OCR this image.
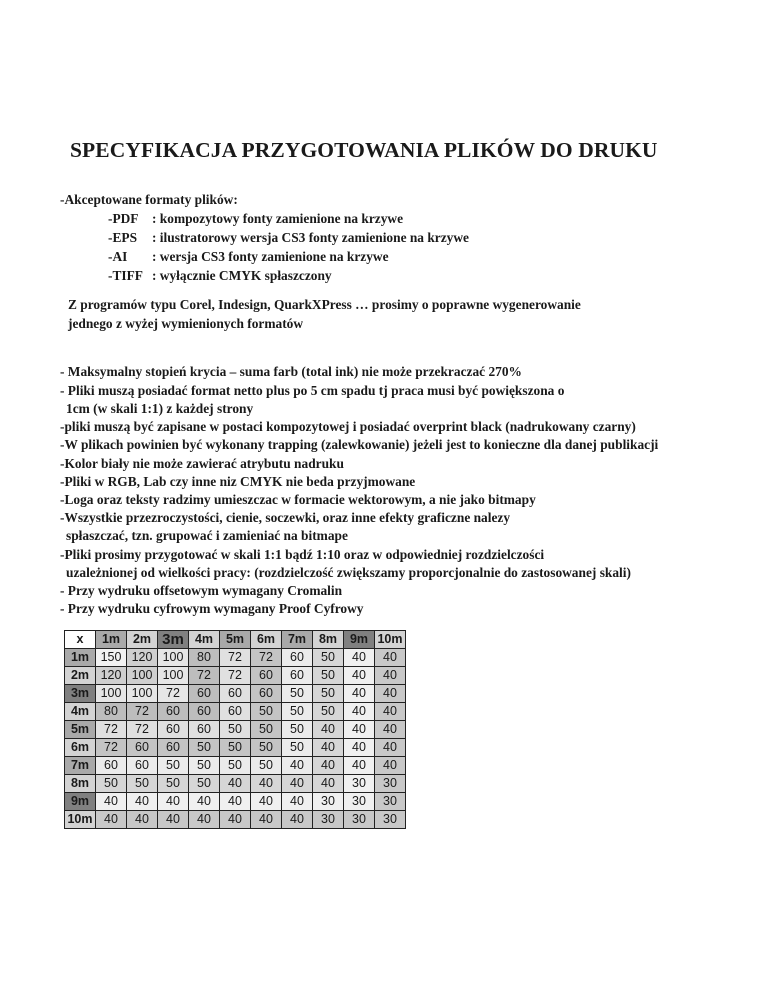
SPECYFIKACJA PRZYGOTOWANIA PLIKÓW DO DRUKU
-Akceptowane formaty plików:
-PDF : kompozytowy fonty zamienione na krzywe
-EPS : ilustratorowy wersja CS3 fonty zamienione na krzywe
-AI : wersja CS3 fonty zamienione na krzywe
-TIFF : wyłącznie CMYK spłaszczony
Z programów typu Corel, Indesign, QuarkXPress … prosimy o poprawne wygenerowanie
jednego z wyżej wymienionych formatów
- Maksymalny stopień krycia – suma farb (total ink) nie może przekraczać 270%
- Pliki muszą posiadać format netto plus po 5 cm spadu tj praca musi być powiększona o
1cm (w skali 1:1) z każdej strony
-pliki muszą być zapisane w postaci kompozytowej i posiadać overprint black (nadrukowany czarny)
-W plikach powinien być wykonany trapping (zalewkowanie) jeżeli jest to konieczne dla danej publikacji
-Kolor biały nie może zawierać atrybutu nadruku
-Pliki w RGB, Lab czy inne niz CMYK nie beda przyjmowane
-Loga oraz teksty radzimy umieszczac w formacie wektorowym, a nie jako bitmapy
-Wszystkie przezroczystości, cienie, soczewki, oraz inne efekty graficzne nalezy
spłaszczać, tzn. grupować i zamieniać na bitmape
-Pliki prosimy przygotować w skali 1:1 bądź 1:10 oraz w odpowiedniej rozdzielczości
uzależnionej od wielkości pracy: (rozdzielczość zwiększamy proporcjonalnie do zastosowanej skali)
- Przy wydruku offsetowym wymagany Cromalin
- Przy wydruku cyfrowym wymagany Proof Cyfrowy
x	1m	2m	3m	4m	5m	6m	7m	8m	9m	10m
1m	150	120	100	80	72	72	60	50	40	40
2m	120	100	100	72	72	60	60	50	40	40
3m	100	100	72	60	60	60	50	50	40	40
4m	80	72	60	60	60	50	50	50	40	40
5m	72	72	60	60	50	50	50	40	40	40
6m	72	60	60	50	50	50	50	40	40	40
7m	60	60	50	50	50	50	40	40	40	40
8m	50	50	50	50	40	40	40	40	30	30
9m	40	40	40	40	40	40	40	30	30	30
10m	40	40	40	40	40	40	40	30	30	30
